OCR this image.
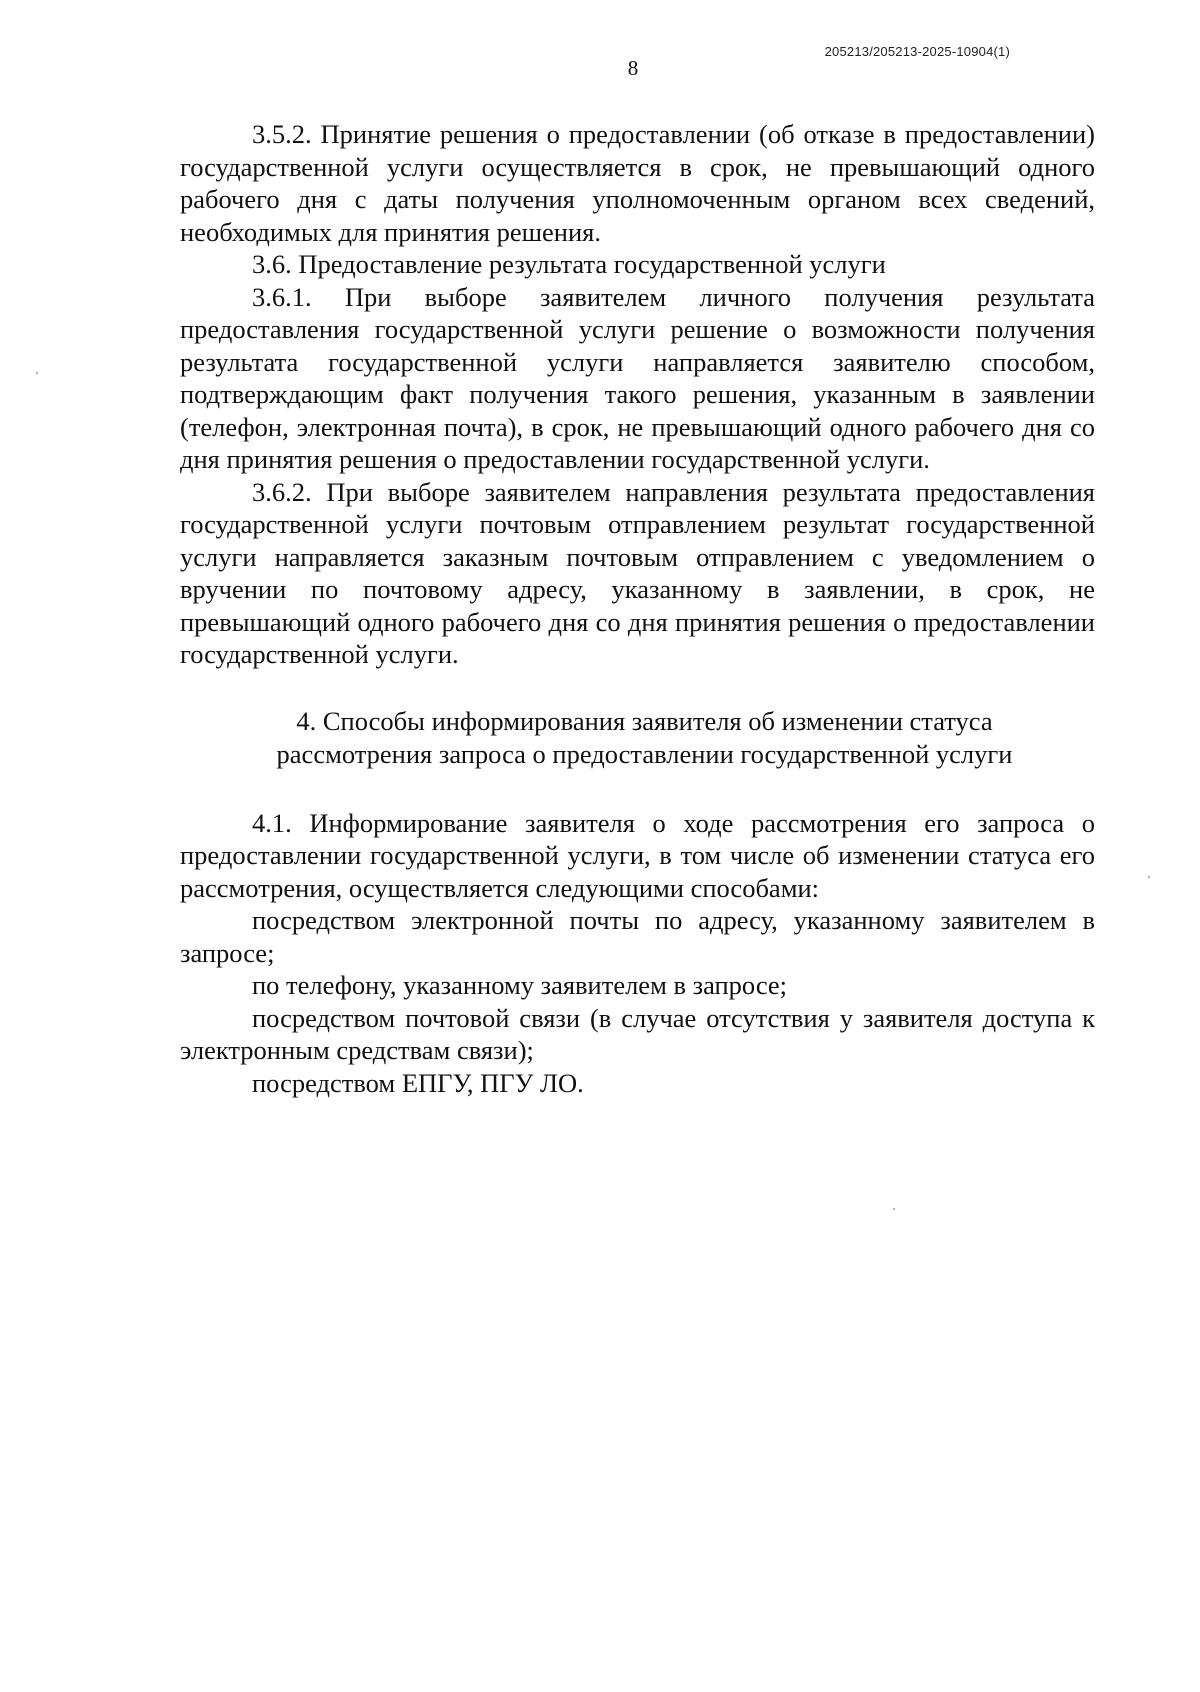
205213/205213-2025-10904(1)
8

3.5.2. Принятие решения о предоставлении (об отказе в предоставлении) государственной услуги осуществляется в срок, не превышающий одного рабочего дня с даты получения уполномоченным органом всех сведений, необходимых для принятия решения.

3.6. Предоставление результата государственной услуги

3.6.1. При выборе заявителем личного получения результата предоставления государственной услуги решение о возможности получения результата государственной услуги направляется заявителю способом, подтверждающим факт получения такого решения, указанным в заявлении (телефон, электронная почта), в срок, не превышающий одного рабочего дня со дня принятия решения о предоставлении государственной услуги.

3.6.2. При выборе заявителем направления результата предоставления государственной услуги почтовым отправлением результат государственной услуги направляется заказным почтовым отправлением с уведомлением о вручении по почтовому адресу, указанному в заявлении, в срок, не превышающий одного рабочего дня со дня принятия решения о предоставлении государственной услуги.

4. Способы информирования заявителя об изменении статуса
рассмотрения запроса о предоставлении государственной услуги

4.1. Информирование заявителя о ходе рассмотрения его запроса о предоставлении государственной услуги, в том числе об изменении статуса его рассмотрения, осуществляется следующими способами:

посредством электронной почты по адресу, указанному заявителем в запросе;

по телефону, указанному заявителем в запросе;

посредством почтовой связи (в случае отсутствия у заявителя доступа к электронным средствам связи);

посредством ЕПГУ, ПГУ ЛО.
